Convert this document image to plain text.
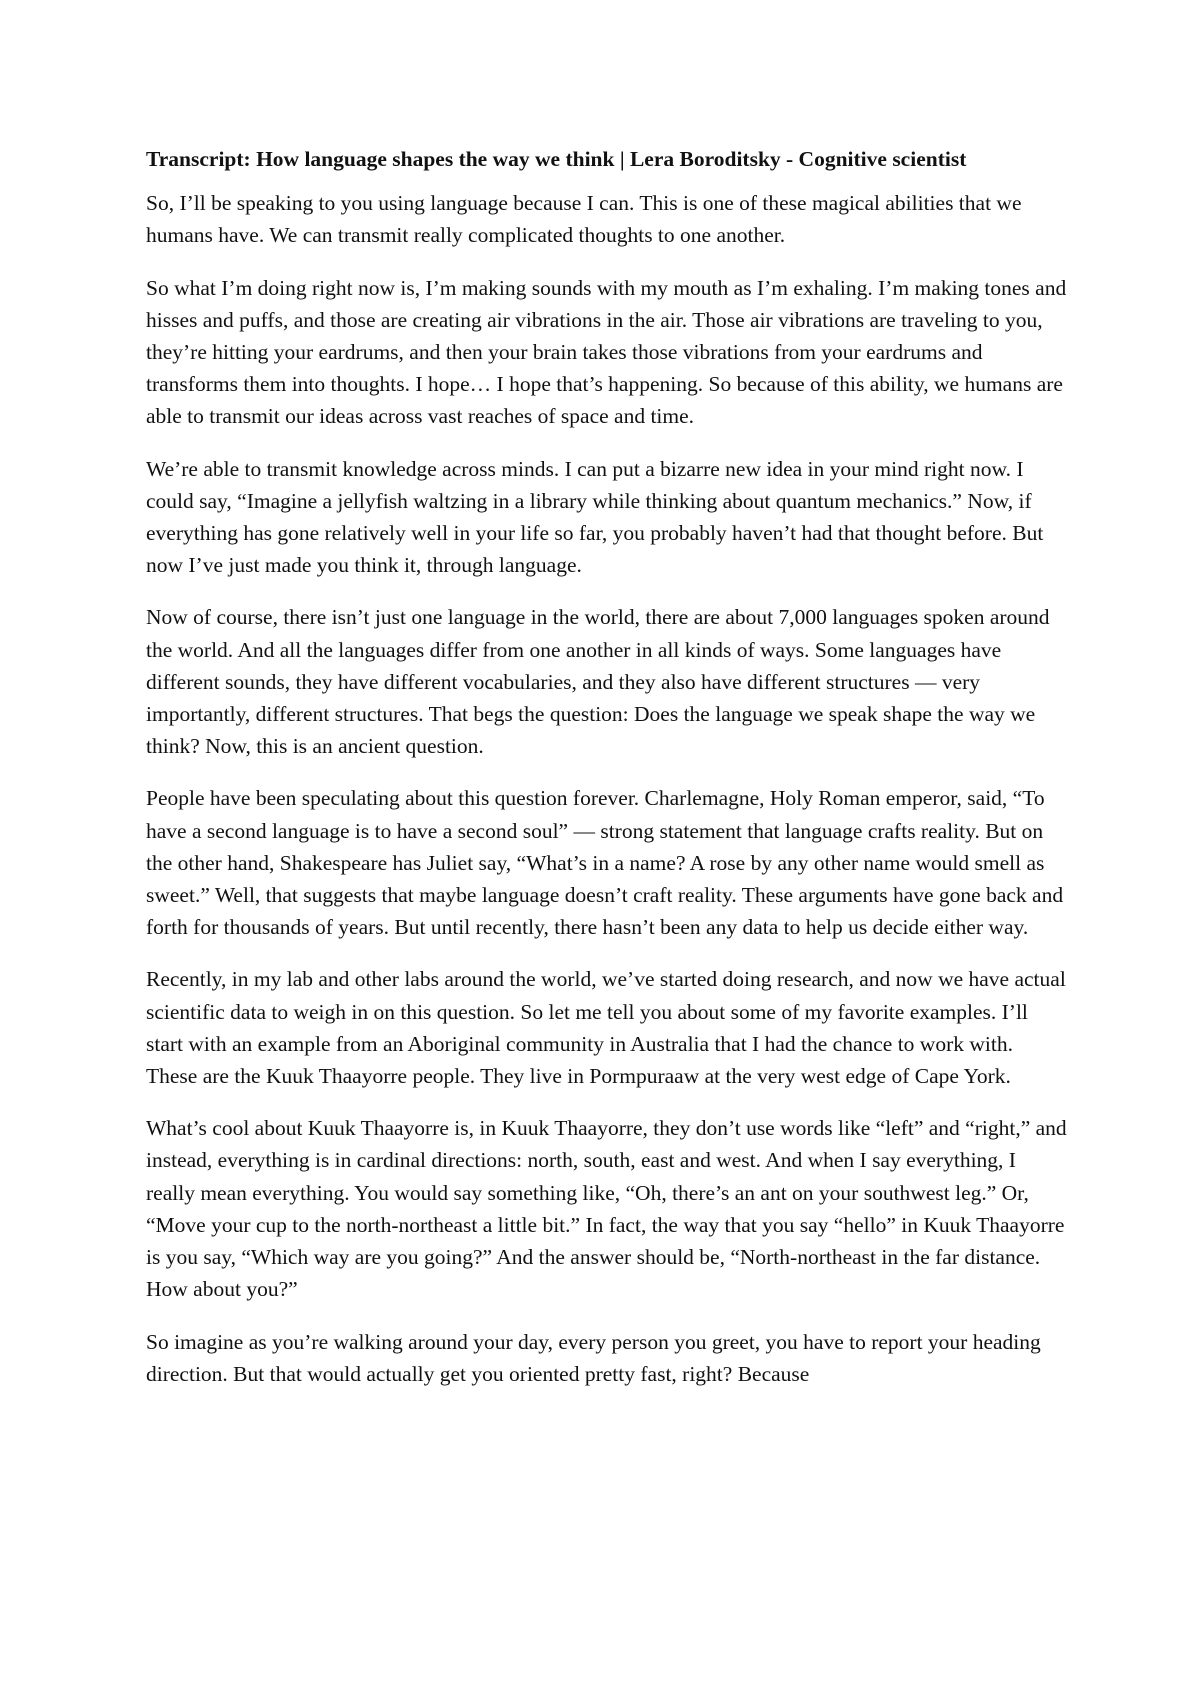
Transcript: How language shapes the way we think | Lera Boroditsky - Cognitive scientist

So, I’ll be speaking to you using language because I can. This is one of these magical abilities that we humans have. We can transmit really complicated thoughts to one another.

So what I’m doing right now is, I’m making sounds with my mouth as I’m exhaling. I’m making tones and hisses and puffs, and those are creating air vibrations in the air. Those air vibrations are traveling to you, they’re hitting your eardrums, and then your brain takes those vibrations from your eardrums and transforms them into thoughts. I hope… I hope that’s happening. So because of this ability, we humans are able to transmit our ideas across vast reaches of space and time.

We’re able to transmit knowledge across minds. I can put a bizarre new idea in your mind right now. I could say, “Imagine a jellyfish waltzing in a library while thinking about quantum mechanics.” Now, if everything has gone relatively well in your life so far, you probably haven’t had that thought before. But now I’ve just made you think it, through language.

Now of course, there isn’t just one language in the world, there are about 7,000 languages spoken around the world. And all the languages differ from one another in all kinds of ways. Some languages have different sounds, they have different vocabularies, and they also have different structures — very importantly, different structures. That begs the question: Does the language we speak shape the way we think? Now, this is an ancient question.

People have been speculating about this question forever. Charlemagne, Holy Roman emperor, said, “To have a second language is to have a second soul” — strong statement that language crafts reality. But on the other hand, Shakespeare has Juliet say, “What’s in a name? A rose by any other name would smell as sweet.” Well, that suggests that maybe language doesn’t craft reality. These arguments have gone back and forth for thousands of years. But until recently, there hasn’t been any data to help us decide either way.

Recently, in my lab and other labs around the world, we’ve started doing research, and now we have actual scientific data to weigh in on this question. So let me tell you about some of my favorite examples. I’ll start with an example from an Aboriginal community in Australia that I had the chance to work with. These are the Kuuk Thaayorre people. They live in Pormpuraaw at the very west edge of Cape York.

What’s cool about Kuuk Thaayorre is, in Kuuk Thaayorre, they don’t use words like “left” and “right,” and instead, everything is in cardinal directions: north, south, east and west. And when I say everything, I really mean everything. You would say something like, “Oh, there’s an ant on your southwest leg.” Or, “Move your cup to the north-northeast a little bit.” In fact, the way that you say “hello” in Kuuk Thaayorre is you say, “Which way are you going?” And the answer should be, “North-northeast in the far distance. How about you?”

So imagine as you’re walking around your day, every person you greet, you have to report your heading direction. But that would actually get you oriented pretty fast, right? Because
